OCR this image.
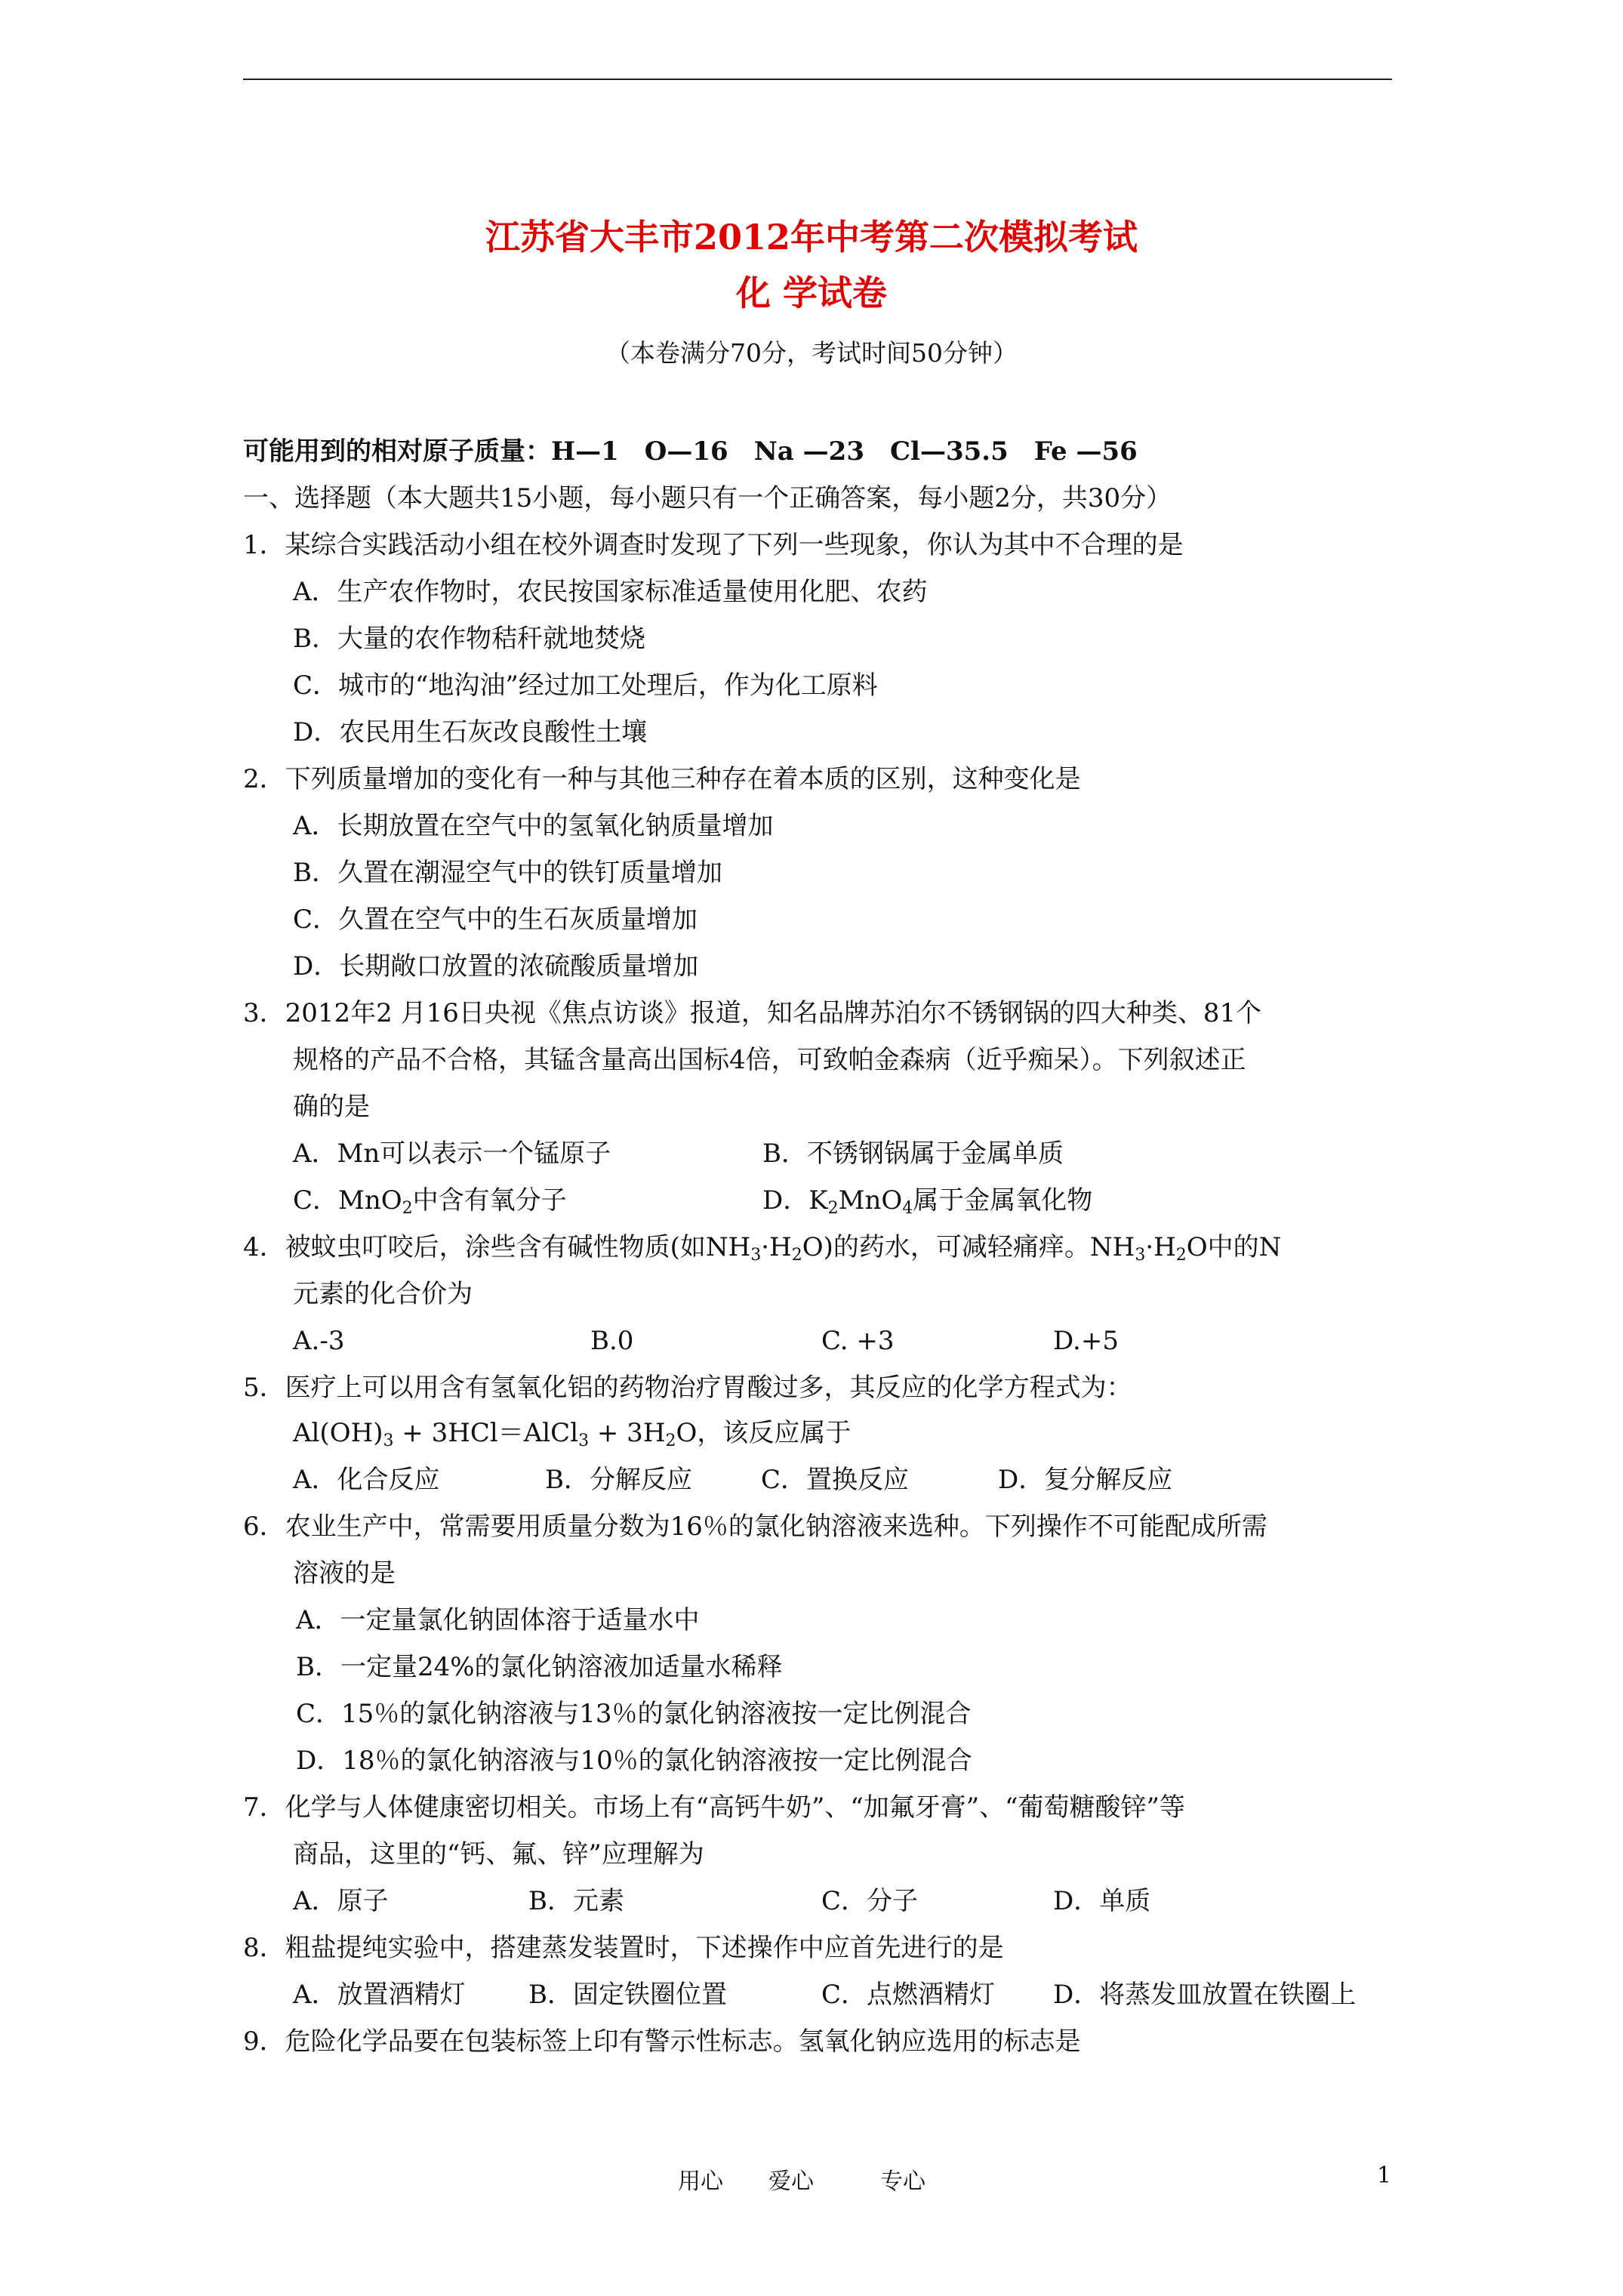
江苏省大丰市2012年中考第二次模拟考试
化 学试卷
（本卷满分70分，考试时间50分钟）
可能用到的相对原子质量：H—1　O—16　Na —23　Cl—35.5　Fe —56
一、选择题（本大题共15小题，每小题只有一个正确答案，每小题2分，共30分）
1．某综合实践活动小组在校外调查时发现了下列一些现象，你认为其中不合理的是
A．生产农作物时，农民按国家标准适量使用化肥、农药
B．大量的农作物秸秆就地焚烧
C．城市的“地沟油”经过加工处理后，作为化工原料
D．农民用生石灰改良酸性土壤
2．下列质量增加的变化有一种与其他三种存在着本质的区别，这种变化是
A．长期放置在空气中的氢氧化钠质量增加
B．久置在潮湿空气中的铁钉质量增加
C．久置在空气中的生石灰质量增加
D．长期敞口放置的浓硫酸质量增加
3．2012年2 月16日央视《焦点访谈》报道，知名品牌苏泊尔不锈钢锅的四大种类、81个
规格的产品不合格，其锰含量高出国标4倍，可致帕金森病（近乎痴呆）。下列叙述正
确的是
A．Mn可以表示一个锰原子	B．不锈钢锅属于金属单质
C．MnO$_2$中含有氧分子	D．$K_2MnO_4$属于金属氧化物
4．被蚊虫叮咬后，涂些含有碱性物质(如$NH_3\cdot H_2O$)的药水，可减轻痛痒。$NH_3\cdot H_2O$中的N
元素的化合价为
A.-3	B.0	C. +3	D.+5
5．医疗上可以用含有氢氧化铝的药物治疗胃酸过多，其反应的化学方程式为：
$Al(OH)_3$ + 3HCl＝AlCl$_3$ + $3H_2O$，该反应属于
A．化合反应	B．分解反应	C．置换反应	D．复分解反应
6．农业生产中，常需要用质量分数为16％的氯化钠溶液来选种。下列操作不可能配成所需
溶液的是
A．一定量氯化钠固体溶于适量水中
B．一定量24%的氯化钠溶液加适量水稀释
C．15％的氯化钠溶液与13％的氯化钠溶液按一定比例混合
D．18％的氯化钠溶液与10％的氯化钠溶液按一定比例混合
7．化学与人体健康密切相关。市场上有“高钙牛奶”、“加氟牙膏”、“葡萄糖酸锌”等
商品，这里的“钙、氟、锌”应理解为
A．原子	B．元素	C．分子	D．单质
8．粗盐提纯实验中，搭建蒸发装置时，下述操作中应首先进行的是
A．放置酒精灯 B．固定铁圈位置	C．点燃酒精灯 D．将蒸发皿放置在铁圈上
9．危险化学品要在包装标签上印有警示性标志。氢氧化钠应选用的标志是
用心 爱心	专心	1
